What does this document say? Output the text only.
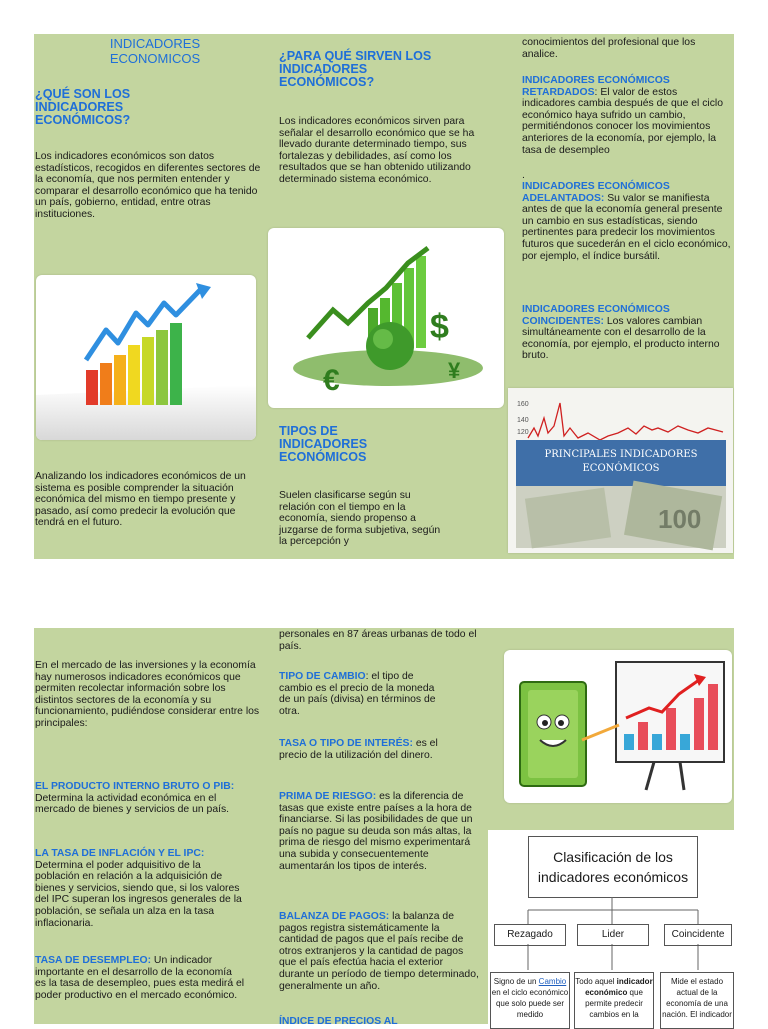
INDICADORES
ECONOMICOS
¿QUÉ SON LOS INDICADORES ECONÓMICOS?
Los indicadores económicos son datos estadísticos, recogidos en diferentes sectores de la economía, que nos permiten entender y comparar el desarrollo económico que ha tenido un país, gobierno, entidad, entre otras instituciones.
Analizando los indicadores económicos de un sistema es posible comprender la situación económica del mismo en tiempo presente y pasado, así como predecir la evolución que tendrá en el futuro.
¿PARA QUÉ SIRVEN LOS INDICADORES ECONÓMICOS?
Los indicadores económicos sirven para señalar el desarrollo económico que se ha llevado durante determinado tiempo, sus fortalezas y debilidades, así como los resultados que se han obtenido utilizando determinado sistema económico.
$
€	¥
TIPOS DE INDICADORES ECONÓMICOS
Suelen clasificarse según su relación con el tiempo en la economía, siendo propenso a juzgarse de forma subjetiva, según la percepción y
conocimientos del profesional que los analice.
INDICADORES ECONÓMICOS RETARDADOS: El valor de estos indicadores cambia después de que el ciclo económico haya sufrido un cambio, permitiéndonos conocer los movimientos anteriores de la economía, por ejemplo, la tasa de desempleo
.
INDICADORES ECONÓMICOS ADELANTADOS: Su valor se manifiesta antes de que la economía general presente un cambio en sus estadísticas, siendo pertinentes para predecir los movimientos futuros que sucederán en el ciclo económico, por ejemplo, el índice bursátil.
INDICADORES ECONÓMICOS COINCIDENTES: Los valores cambian simultáneamente con el desarrollo de la economía, por ejemplo, el producto interno bruto.
160
140
120
100
PRINCIPALES INDICADORES ECONÓMICOS
En el mercado de las inversiones y la economía hay numerosos indicadores económicos que permiten recolectar información sobre los distintos sectores de la economía y su funcionamiento, pudiéndose considerar entre los principales:
EL PRODUCTO INTERNO BRUTO O PIB: Determina la actividad económica en el mercado de bienes y servicios de un país.
LA TASA DE INFLACIÓN Y EL IPC: Determina el poder adquisitivo de la población en relación a la adquisición de bienes y servicios, siendo que, si los valores del IPC superan los ingresos generales de la población, se señala un alza en la tasa inflacionaria.
TASA DE DESEMPLEO: Un indicador importante en el desarrollo de la economía es la tasa de desempleo, pues esta medirá el poder productivo en el mercado económico.
personales en 87 áreas urbanas de todo el país.
TIPO DE CAMBIO: el tipo de cambio es el precio de la moneda de un país (divisa) en términos de otra.
TASA O TIPO DE INTERÉS: es el precio de la utilización del dinero.
PRIMA DE RIESGO: es la diferencia de tasas que existe entre países a la hora de financiarse. Si las posibilidades de que un país no pague su deuda son más altas, la prima de riesgo del mismo experimentará una subida y consecuentemente aumentarán los tipos de interés.
BALANZA DE PAGOS: la balanza de pagos registra sistemáticamente la cantidad de pagos que el país recibe de otros extranjeros y la cantidad de pagos que el país efectúa hacia el exterior durante un período de tiempo determinado, generalmente un año.
ÍNDICE DE PRECIOS AL
Clasificación de los indicadores económicos
Rezagado	Lider	Coincidente
Signo de un Cambio en el ciclo económico que solo puede ser medido
Todo aquel indicador económico que permite predecir cambios en la
Mide el estado actual de la economía de una nación. El indicador
